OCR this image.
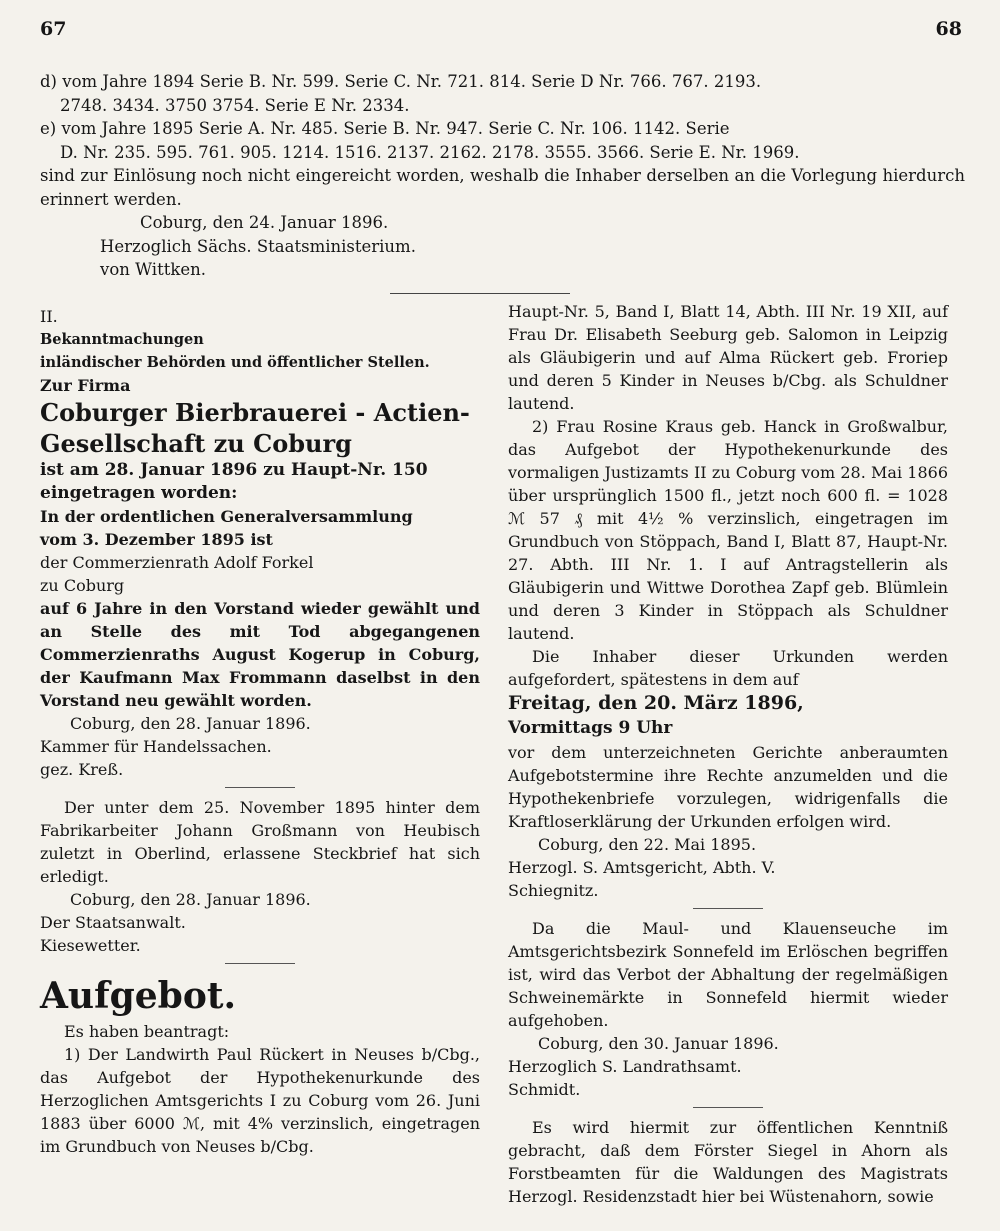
67	68

d) vom Jahre 1894 Serie B. Nr. 599. Serie C. Nr. 721. 814. Serie D Nr. 766. 767. 2193.

2748. 3434. 3750 3754. Serie E Nr. 2334.

e) vom Jahre 1895 Serie A. Nr. 485. Serie B. Nr. 947. Serie C. Nr. 106. 1142. Serie

D. Nr. 235. 595. 761. 905. 1214. 1516. 2137. 2162. 2178. 3555. 3566. Serie E. Nr. 1969.

sind zur Einlösung noch nicht eingereicht worden, weshalb die Inhaber derselben an die Vorlegung hierdurch erinnert werden.

Coburg, den 24. Januar 1896.

Herzoglich Sächs. Staatsministerium.

von Wittken.

II.

Bekanntmachungen

inländischer Behörden und öffentlicher Stellen.

Zur Firma

Coburger Bierbrauerei - Actien-

Gesellschaft zu Coburg

ist am 28. Januar 1896 zu Haupt-Nr. 150

eingetragen worden:

In der ordentlichen Generalversammlung

vom 3. Dezember 1895 ist

der Commerzienrath Adolf Forkel

zu Coburg

auf 6 Jahre in den Vorstand wieder gewählt und an Stelle des mit Tod abgegangenen Commerzienraths August Kogerup in Coburg, der Kaufmann Max Frommann daselbst in den Vorstand neu gewählt worden.

Coburg, den 28. Januar 1896.

Kammer für Handelssachen.

gez. Kreß.

Der unter dem 25. November 1895 hinter dem Fabrikarbeiter Johann Großmann von Heubisch zuletzt in Oberlind, erlassene Steckbrief hat sich erledigt.

Coburg, den 28. Januar 1896.

Der Staatsanwalt.

Kiesewetter.

Aufgebot.

Es haben beantragt:

1) Der Landwirth Paul Rückert in Neuses b/Cbg., das Aufgebot der Hypothekenurkunde des Herzoglichen Amtsgerichts I zu Coburg vom 26. Juni 1883 über 6000 ℳ, mit 4% verzinslich, eingetragen im Grundbuch von Neuses b/Cbg.

Haupt-Nr. 5, Band I, Blatt 14, Abth. III Nr. 19 XII, auf Frau Dr. Elisabeth Seeburg geb. Salomon in Leipzig als Gläubigerin und auf Alma Rückert geb. Froriep und deren 5 Kinder in Neuses b/Cbg. als Schuldner lautend.

2) Frau Rosine Kraus geb. Hanck in Großwalbur, das Aufgebot der Hypothekenurkunde des vormaligen Justizamts II zu Coburg vom 28. Mai 1866 über ursprünglich 1500 fl., jetzt noch 600 fl. = 1028 ℳ 57 ₰ mit 4½ % verzinslich, eingetragen im Grundbuch von Stöppach, Band I, Blatt 87, Haupt-Nr. 27. Abth. III Nr. 1. I auf Antragstellerin als Gläubigerin und Wittwe Dorothea Zapf geb. Blümlein und deren 3 Kinder in Stöppach als Schuldner lautend.

Die Inhaber dieser Urkunden werden aufgefordert, spätestens in dem auf

Freitag, den 20. März 1896,

Vormittags 9 Uhr

vor dem unterzeichneten Gerichte anberaumten Aufgebotstermine ihre Rechte anzumelden und die Hypothekenbriefe vorzulegen, widrigenfalls die Kraftloserklärung der Urkunden erfolgen wird.

Coburg, den 22. Mai 1895.

Herzogl. S. Amtsgericht, Abth. V.

Schiegnitz.

Da die Maul- und Klauenseuche im Amtsgerichtsbezirk Sonnefeld im Erlöschen begriffen ist, wird das Verbot der Abhaltung der regelmäßigen Schweinemärkte in Sonnefeld hiermit wieder aufgehoben.

Coburg, den 30. Januar 1896.

Herzoglich S. Landrathsamt.

Schmidt.

Es wird hiermit zur öffentlichen Kenntniß gebracht, daß dem Förster Siegel in Ahorn als Forstbeamten für die Waldungen des Magistrats Herzogl. Residenzstadt hier bei Wüstenahorn, sowie
